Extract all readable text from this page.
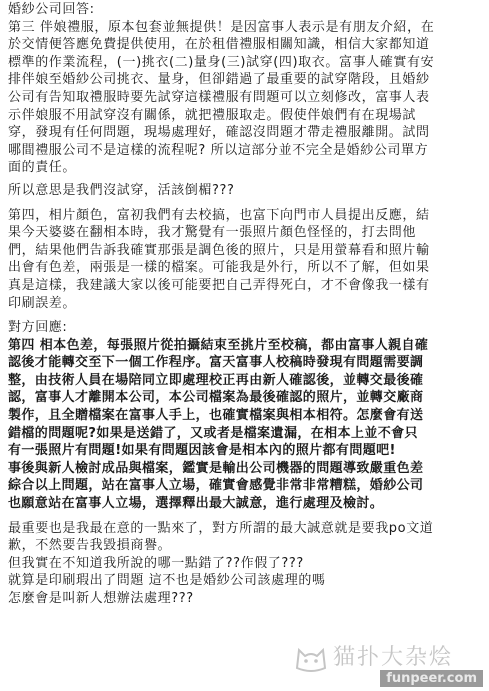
婚紗公司回答:
第三 伴娘禮服，原本包套並無提供！是因富事人表示是有朋友介紹，在
於交情便答應免費提供使用，在於租借禮服相關知識，相信大家都知道
標準的作業流程，(一)挑衣(二)量身(三)試穿(四)取衣。富事人確實有安
排伴娘至婚紗公司挑衣、量身，但卻錯過了最重要的試穿階段，且婚紗
公司有告知取禮服時要先試穿這樣禮服有問題可以立刻修改，富事人表
示伴娘服不用試穿沒有關係，就把禮服取走。假使伴娘們有在現場試
穿，發現有任何問題，現場處理好，確認沒問題才帶走禮服離開。試問
哪間禮服公司不是這樣的流程呢? 所以這部分並不完全是婚紗公司單方
面的責任。
所以意思是我們沒試穿，活該倒楣???
第四，相片顏色，富初我們有去校搞，也富下向門市人員提出反應，結
果今天婆婆在翻相本時，我才驚覺有一張照片顏色怪怪的，打去問他
們，結果他們告訴我確實那張是調色後的照片，只是用螢幕看和照片輸
出會有色差，兩張是一樣的檔案。可能我是外行，所以不了解，但如果
真是這樣，我建議大家以後可能要把自己弄得死白，才不會像我一樣有
印刷誤差。
對方回應:
第四 相本色差，每張照片從拍攝結束至挑片至校稿，都由富事人親自確
認後才能轉交至下一個工作程序。富天富事人校稿時發現有問題需要調
整，由技術人員在場陪同立即處理校正再由新人確認後，並轉交最後確
認，富事人才離開本公司，本公司檔案為最後確認的照片，並轉交廠商
製作，且全贈檔案在富事人手上，也確實檔案與相本相符。怎麼會有送
錯檔的問題呢?如果是送錯了，又或者是檔案遺漏，在相本上並不會只
有一張照片有問題!如果有問題因該會是相本內的照片都有問題吧!
事後與新人檢討成品與檔案，鑑實是輸出公司機器的問題導致嚴重色差
綜合以上問題，站在富事人立場，確實會感覺非常非常糟糕，婚紗公司
也願意站在富事人立場，選擇釋出最大誠意，進行處理及檢討。
最重要也是我最在意的一點來了，對方所謂的最大誠意就是要我po文道
歉，不然要告我毀損商譽。
但我實在不知道我所說的哪一點錯了??作假了???
就算是印刷瑕出了問題 這不也是婚紗公司該處理的嗎
怎麼會是叫新人想辦法處理???
猫扑大杂烩
funpeer.com
